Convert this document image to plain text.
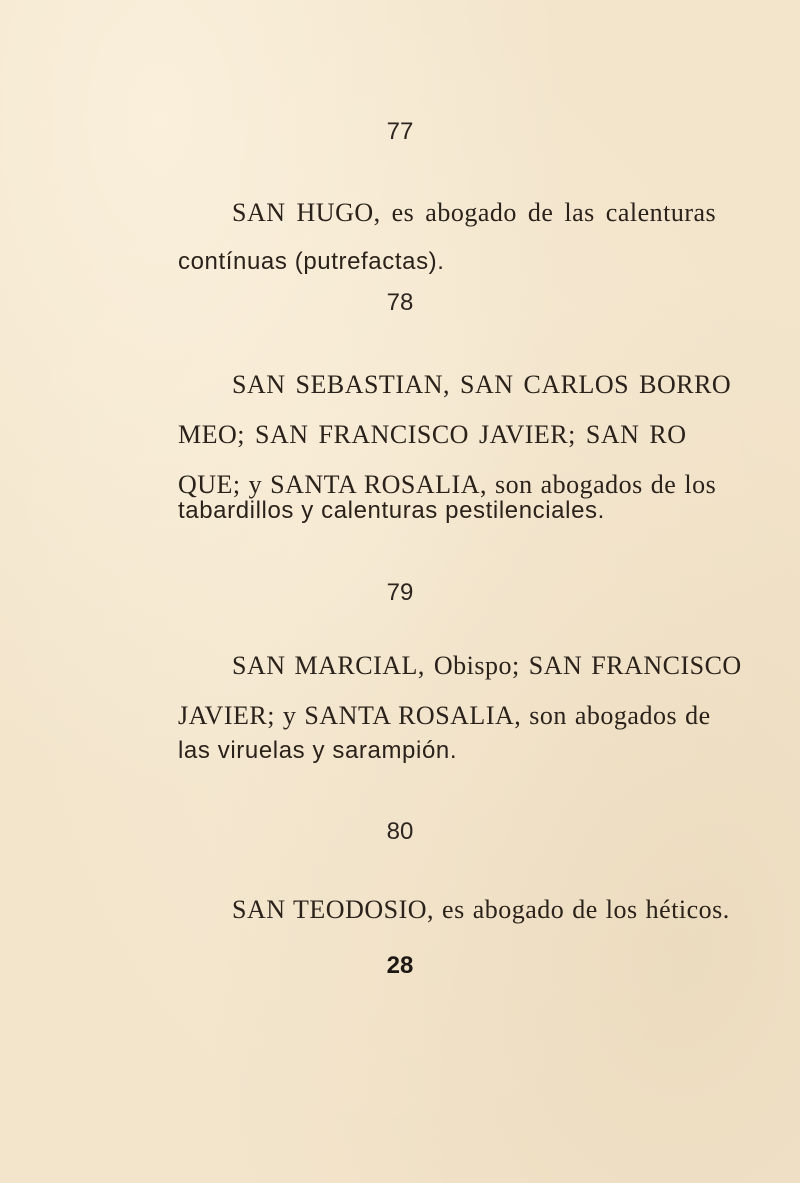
77
SAN HUGO, es abogado de las calenturas
contínuas (putrefactas).
78
SAN SEBASTIAN, SAN CARLOS BORRO
MEO; SAN FRANCISCO JAVIER; SAN RO
QUE; y SANTA ROSALIA, son abogados de los
tabardillos y calenturas pestilenciales.
79
SAN MARCIAL, Obispo; SAN FRANCISCO
JAVIER; y SANTA ROSALIA, son abogados de
las viruelas y sarampión.
80
SAN TEODOSIO, es abogado de los héticos.
28
